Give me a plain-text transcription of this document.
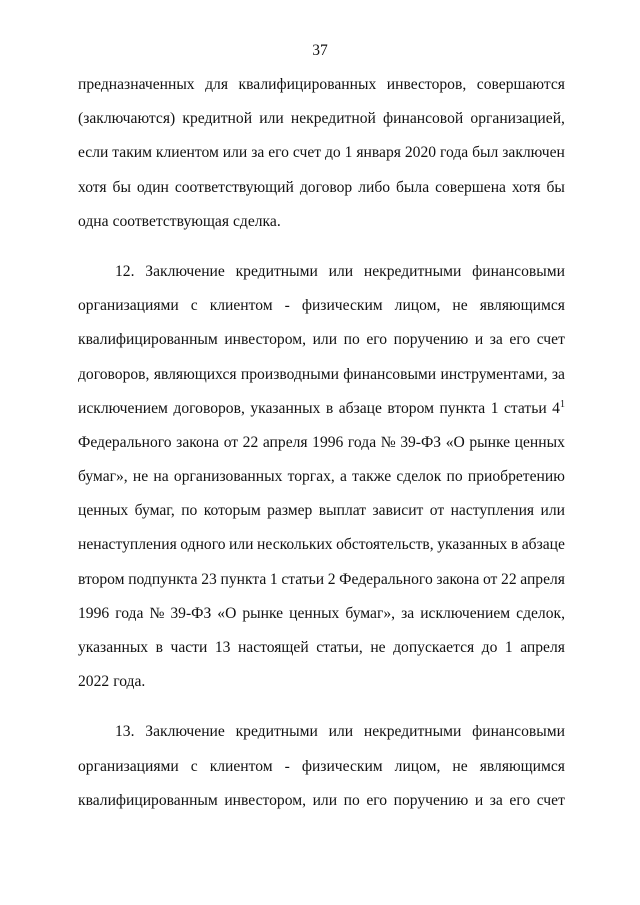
37
предназначенных для квалифицированных инвесторов, совершаются
(заключаются) кредитной или некредитной финансовой организацией,
если таким клиентом или за его счет до 1 января 2020 года был заключен
хотя бы один соответствующий договор либо была совершена хотя бы
одна соответствующая сделка.
12. Заключение кредитными или некредитными финансовыми
организациями с клиентом - физическим лицом, не являющимся
квалифицированным инвестором, или по его поручению и за его счет
договоров, являющихся производными финансовыми инструментами, за
исключением договоров, указанных в абзаце втором пункта 1 статьи $4^1$
Федерального закона от 22 апреля 1996 года № 39-ФЗ «О рынке ценных
бумаг», не на организованных торгах, а также сделок по приобретению
ценных бумаг, по которым размер выплат зависит от наступления или
ненаступления одного или нескольких обстоятельств, указанных в абзаце
втором подпункта 23 пункта 1 статьи 2 Федерального закона от 22 апреля
1996 года № 39-ФЗ «О рынке ценных бумаг», за исключением сделок,
указанных в части 13 настоящей статьи, не допускается до 1 апреля
2022 года.
13. Заключение кредитными или некредитными финансовыми
организациями с клиентом - физическим лицом, не являющимся
квалифицированным инвестором, или по его поручению и за его счет
